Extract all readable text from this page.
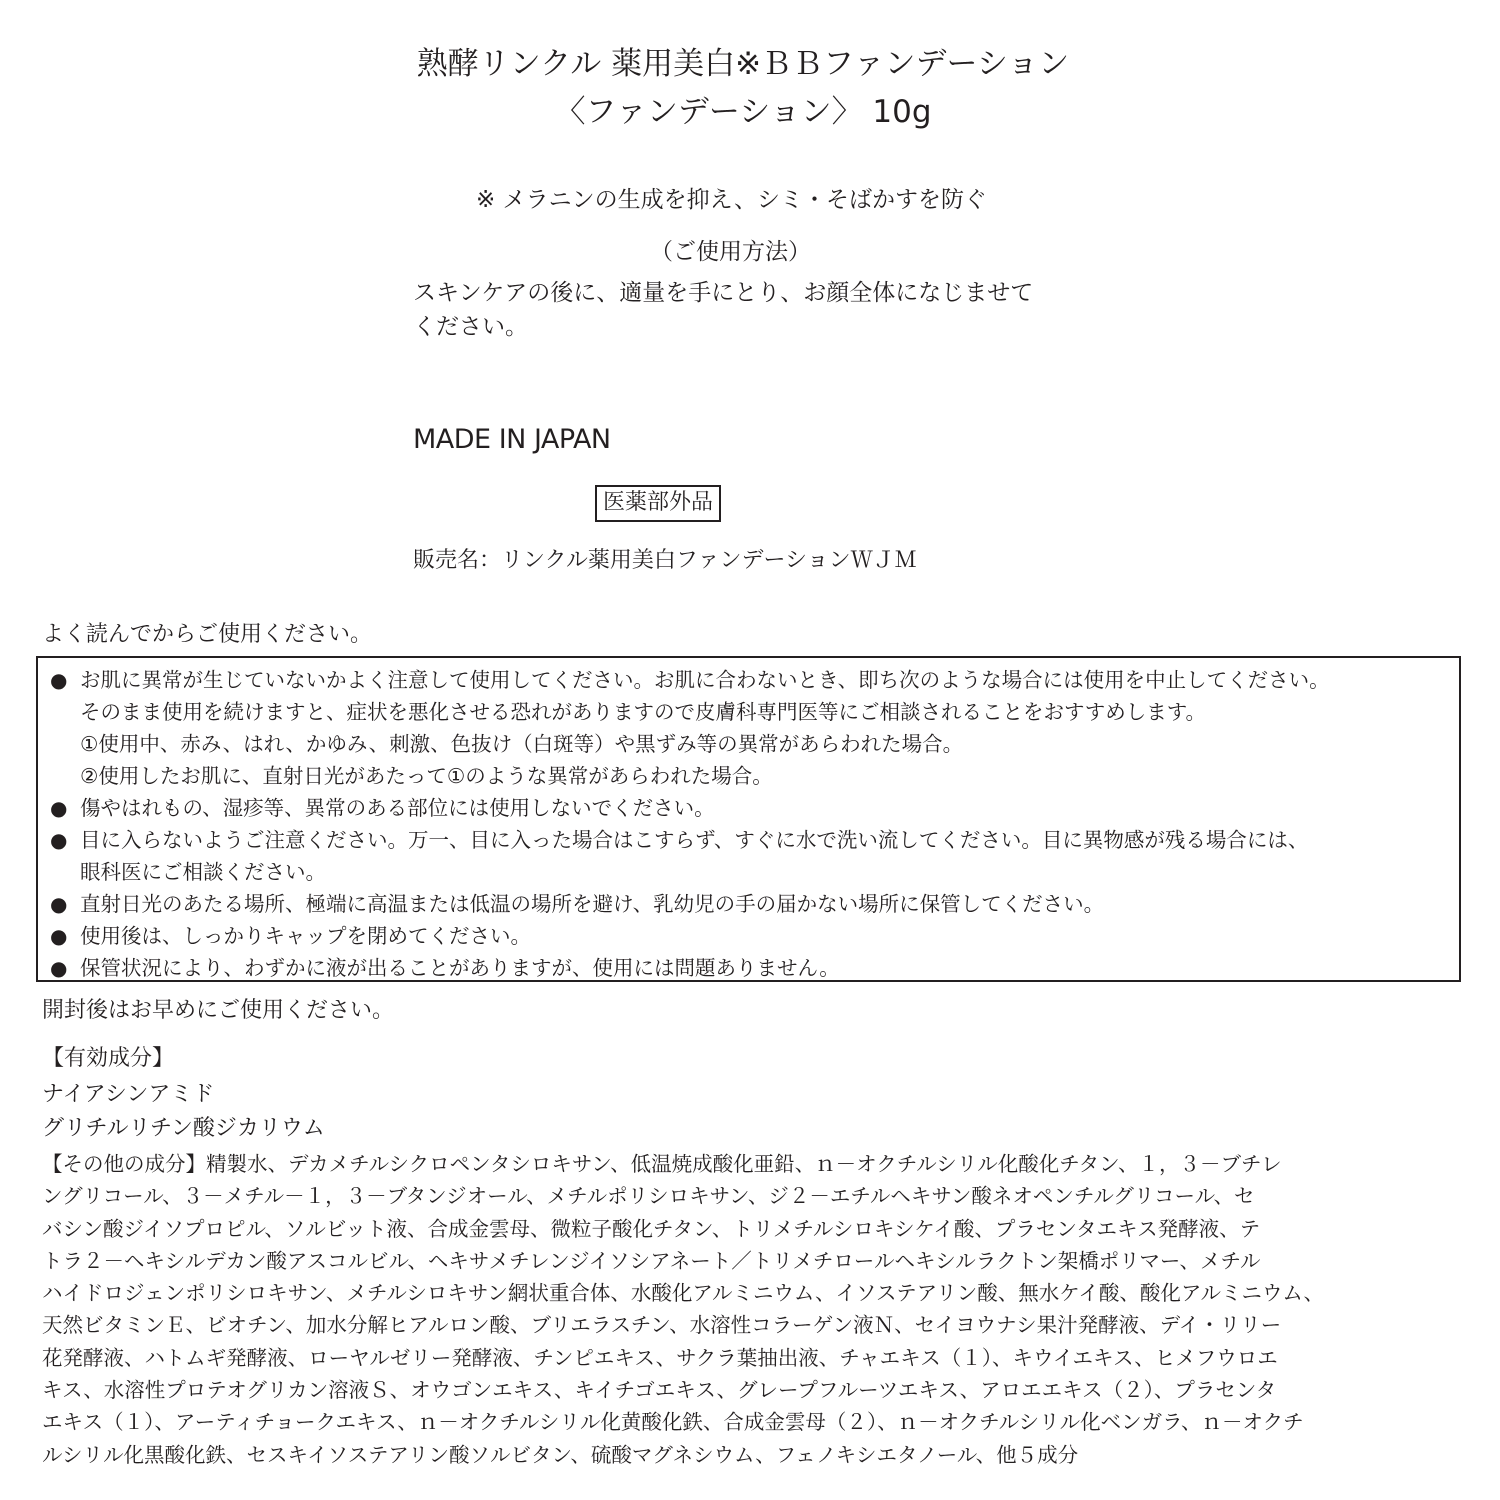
熟酵リンクル 薬用美白※ＢＢファンデーション
〈ファンデーション〉 10g

※ メラニンの生成を抑え、シミ・そばかすを防ぐ

（ご使用方法）

スキンケアの後に、適量を手にとり、お顔全体になじませて
ください。

MADE IN JAPAN

医薬部外品

販売名：リンクル薬用美白ファンデーションＷＪＭ

よく読んでからご使用ください。

● お肌に異常が生じていないかよく注意して使用してください。お肌に合わないとき、即ち次のような場合には使用を中止してください。
そのまま使用を続けますと、症状を悪化させる恐れがありますので皮膚科専門医等にご相談されることをおすすめします。
①使用中、赤み、はれ、かゆみ、刺激、色抜け（白斑等）や黒ずみ等の異常があらわれた場合。
②使用したお肌に、直射日光があたって①のような異常があらわれた場合。
● 傷やはれもの、湿疹等、異常のある部位には使用しないでください。
● 目に入らないようご注意ください。万一、目に入った場合はこすらず、すぐに水で洗い流してください。目に異物感が残る場合には、
眼科医にご相談ください。
● 直射日光のあたる場所、極端に高温または低温の場所を避け、乳幼児の手の届かない場所に保管してください。
● 使用後は、しっかりキャップを閉めてください。
● 保管状況により、わずかに液が出ることがありますが、使用には問題ありません。

開封後はお早めにご使用ください。

【有効成分】

ナイアシンアミド
グリチルリチン酸ジカリウム
【その他の成分】精製水、デカメチルシクロペンタシロキサン、低温焼成酸化亜鉛、ｎ－オクチルシリル化酸化チタン、１，３－ブチレ
ングリコール、３－メチル－１，３－ブタンジオール、メチルポリシロキサン、ジ２－エチルヘキサン酸ネオペンチルグリコール、セ
バシン酸ジイソプロピル、ソルビット液、合成金雲母、微粒子酸化チタン、トリメチルシロキシケイ酸、プラセンタエキス発酵液、テ
トラ２－ヘキシルデカン酸アスコルビル、ヘキサメチレンジイソシアネート／トリメチロールヘキシルラクトン架橋ポリマー、メチル
ハイドロジェンポリシロキサン、メチルシロキサン網状重合体、水酸化アルミニウム、イソステアリン酸、無水ケイ酸、酸化アルミニウム、
天然ビタミンＥ、ビオチン、加水分解ヒアルロン酸、ブリエラスチン、水溶性コラーゲン液Ｎ、セイヨウナシ果汁発酵液、デイ・リリー
花発酵液、ハトムギ発酵液、ローヤルゼリー発酵液、チンピエキス、サクラ葉抽出液、チャエキス（１）、キウイエキス、ヒメフウロエ
キス、水溶性プロテオグリカン溶液Ｓ、オウゴンエキス、キイチゴエキス、グレープフルーツエキス、アロエエキス（２）、プラセンタ
エキス（１）、アーティチョークエキス、ｎ－オクチルシリル化黄酸化鉄、合成金雲母（２）、ｎ－オクチルシリル化ベンガラ、ｎ－オクチ
ルシリル化黒酸化鉄、セスキイソステアリン酸ソルビタン、硫酸マグネシウム、フェノキシエタノール、他５成分
